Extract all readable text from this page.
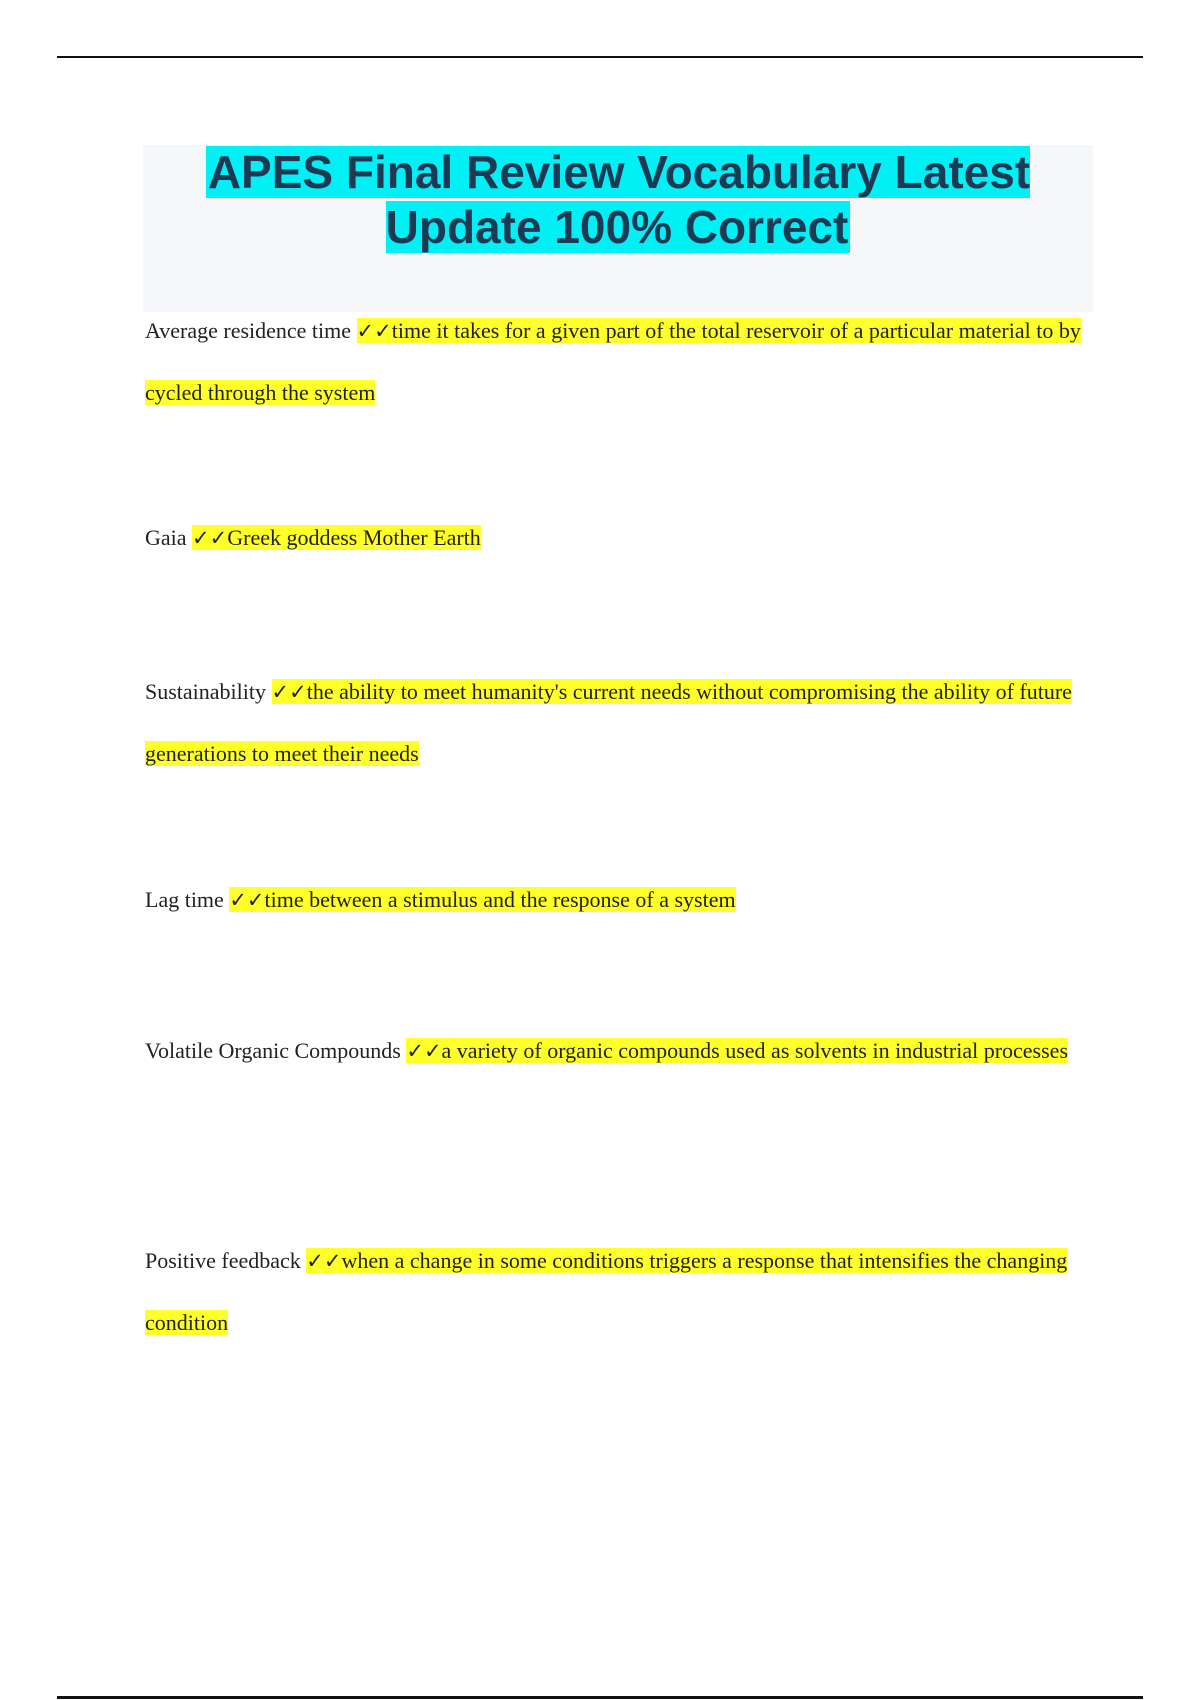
APES Final Review Vocabulary Latest Update 100% Correct

Average residence time ✓✓time it takes for a given part of the total reservoir of a particular material to by cycled through the system

Gaia ✓✓Greek goddess Mother Earth

Sustainability ✓✓the ability to meet humanity's current needs without compromising the ability of future generations to meet their needs

Lag time ✓✓time between a stimulus and the response of a system

Volatile Organic Compounds ✓✓a variety of organic compounds used as solvents in industrial processes

Positive feedback ✓✓when a change in some conditions triggers a response that intensifies the changing condition
